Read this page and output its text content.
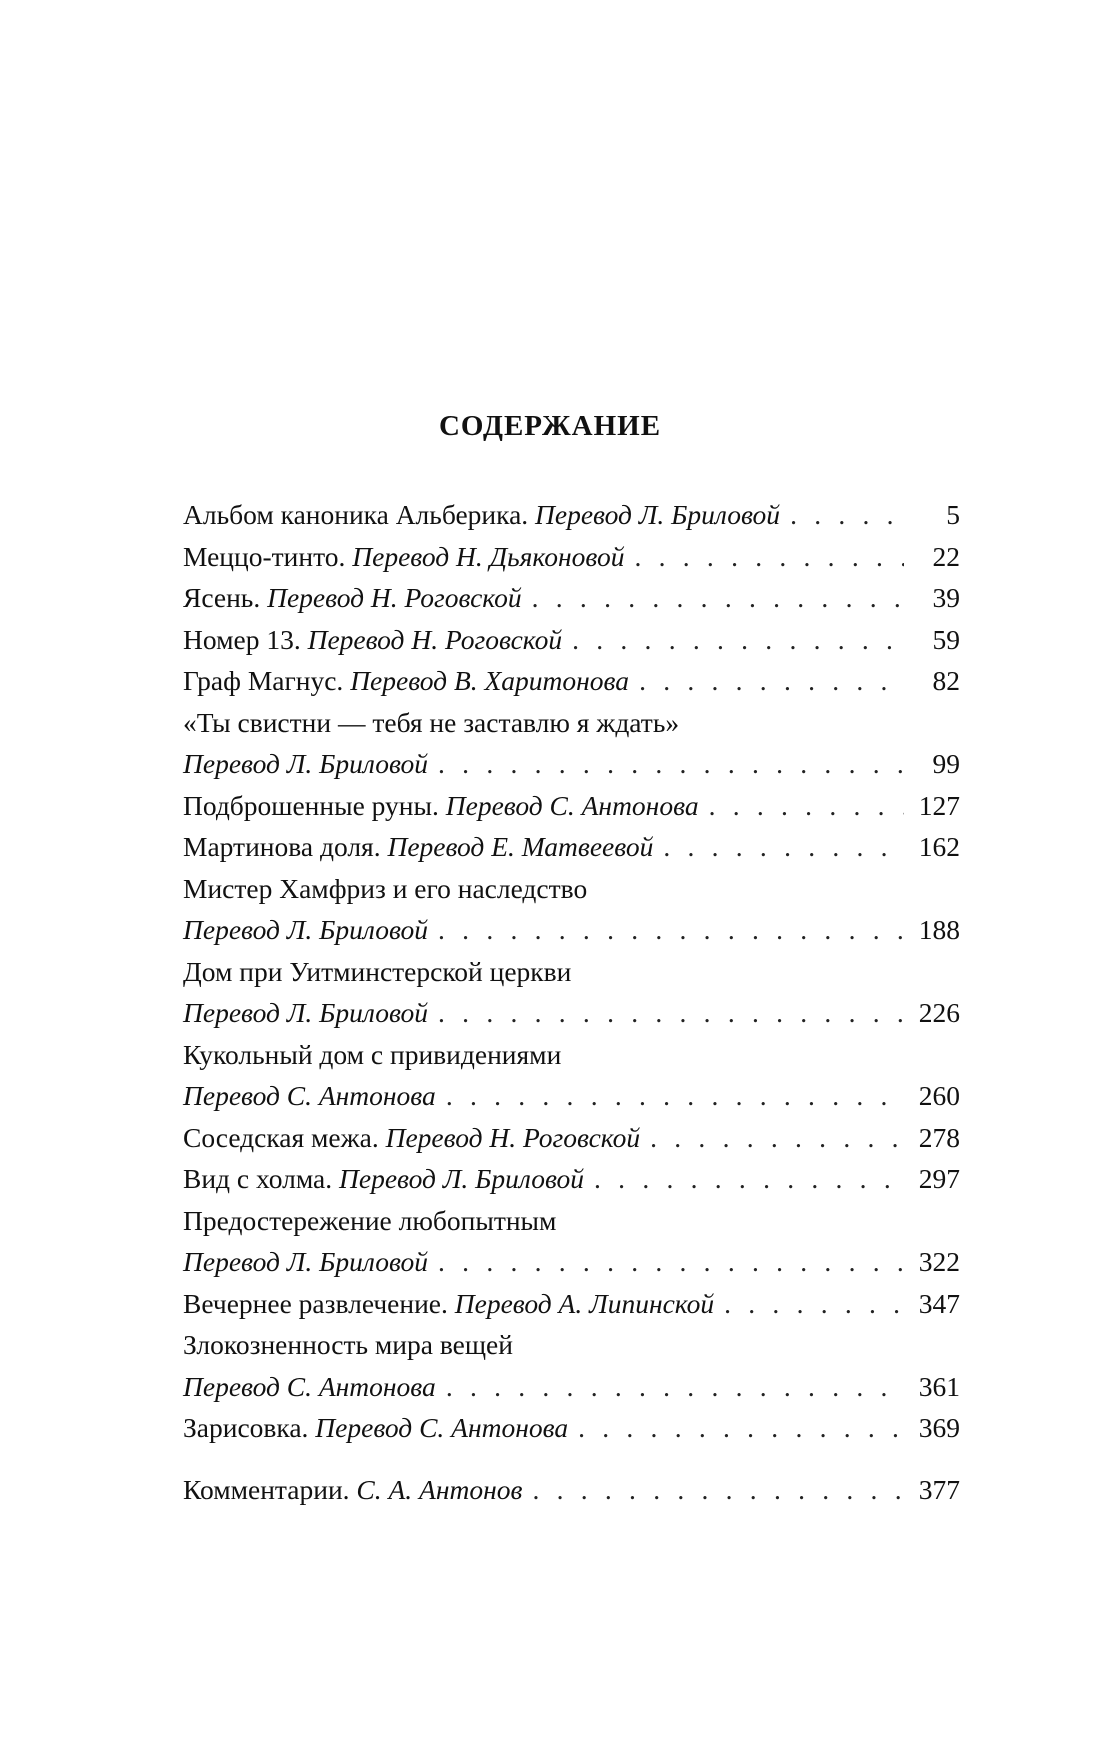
СОДЕРЖАНИЕ
Альбом каноника Альберика. Перевод Л. Бриловой . . .	5
Меццо-тинто. Перевод Н. Дьяконовой . . .	22
Ясень. Перевод Н. Роговской . . .	39
Номер 13. Перевод Н. Роговской . . .	59
Граф Магнус. Перевод В. Харитонова . . .	82
«Ты свистни — тебя не заставлю я ждать»
Перевод Л. Бриловой . . .	99
Подброшенные руны. Перевод С. Антонова . . .	127
Мартинова доля. Перевод Е. Матвеевой . . .	162
Мистер Хамфриз и его наследство
Перевод Л. Бриловой . . .	188
Дом при Уитминстерской церкви
Перевод Л. Бриловой . . .	226
Кукольный дом с привидениями
Перевод С. Антонова . . .	260
Соседская межа. Перевод Н. Роговской . . .	278
Вид с холма. Перевод Л. Бриловой . . .	297
Предостережение любопытным
Перевод Л. Бриловой . . .	322
Вечернее развлечение. Перевод А. Липинской . . .	347
Злокозненность мира вещей
Перевод С. Антонова . . .	361
Зарисовка. Перевод С. Антонова . . .	369
Комментарии. С. А. Антонов . . .	377
